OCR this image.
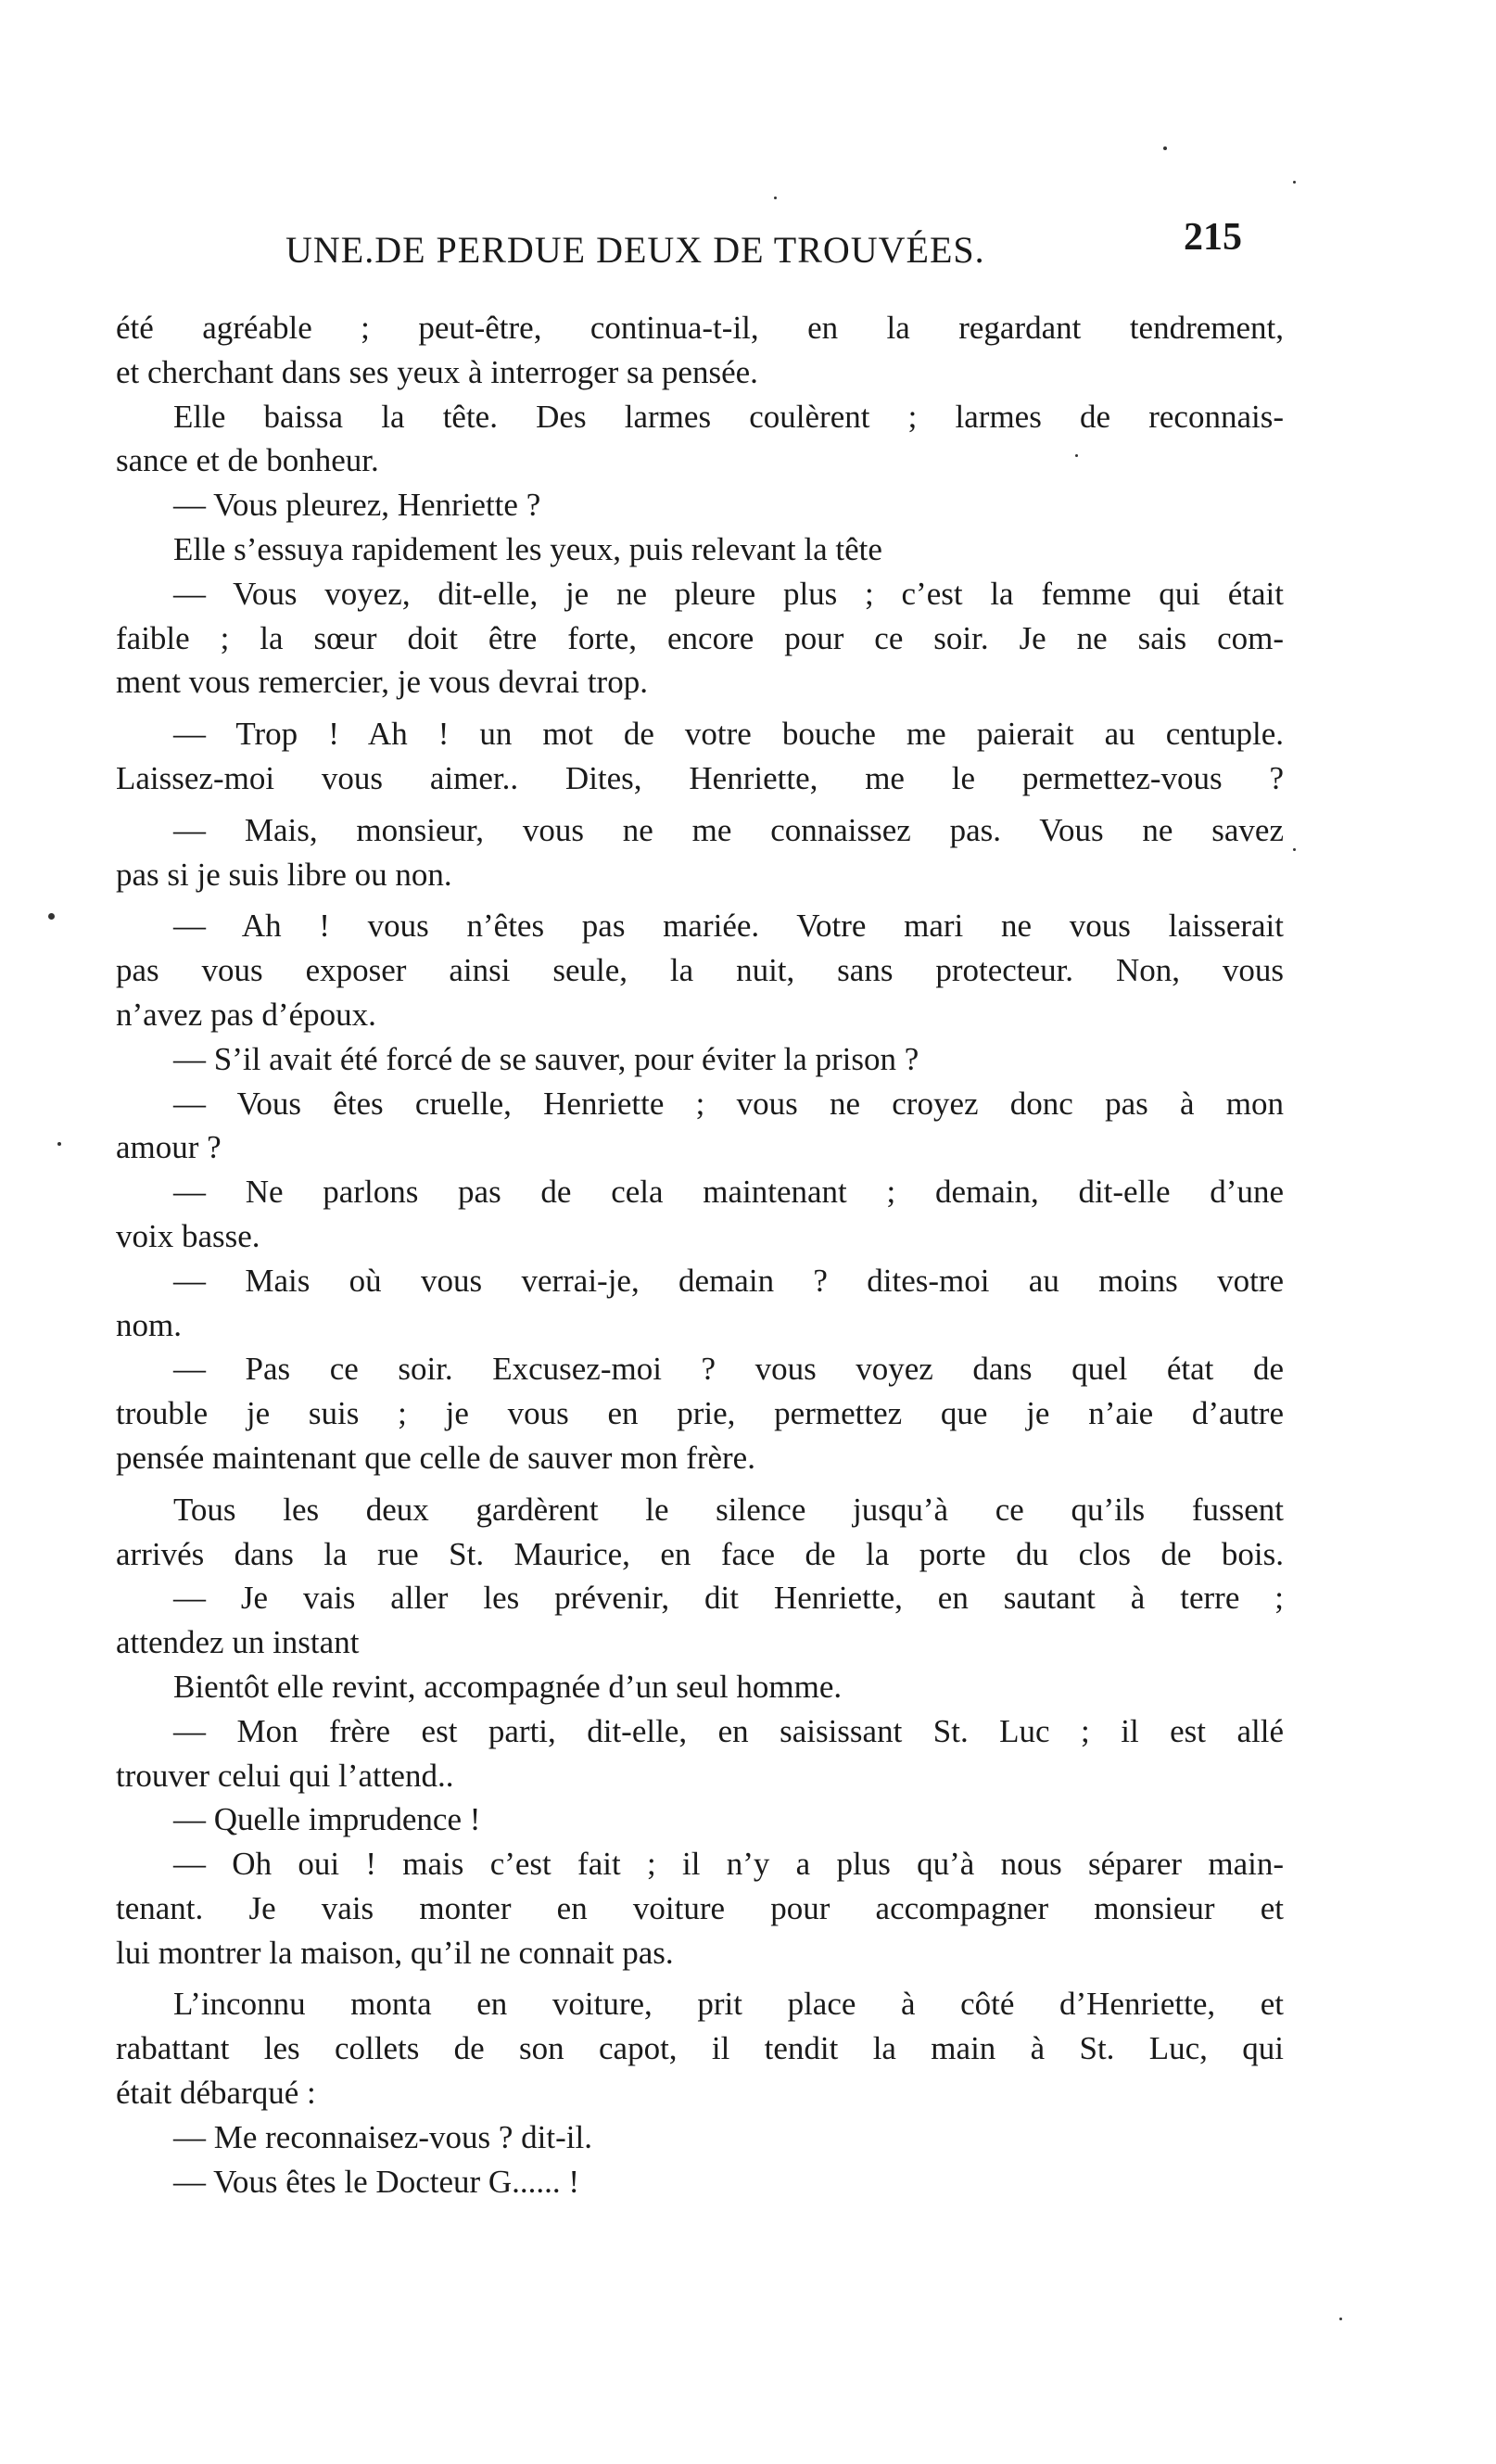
UNE.DE PERDUE DEUX DE TROUVÉES.	215
été agréable ; peut-être, continua-t-il, en la regardant tendrement,
et cherchant dans ses yeux à interroger sa pensée.
Elle baissa la tête. Des larmes coulèrent ; larmes de reconnais-
sance et de bonheur.
— Vous pleurez, Henriette ?
Elle s’essuya rapidement les yeux, puis relevant la tête
— Vous voyez, dit-elle, je ne pleure plus ; c’est la femme qui était
faible ; la sœur doit être forte, encore pour ce soir. Je ne sais com-
ment vous remercier, je vous devrai trop.
— Trop ! Ah ! un mot de votre bouche me paierait au centuple.
Laissez-moi vous aimer.. Dites, Henriette, me le permettez-vous ?
— Mais, monsieur, vous ne me connaissez pas. Vous ne savez
pas si je suis libre ou non.
— Ah ! vous n’êtes pas mariée. Votre mari ne vous laisserait
pas vous exposer ainsi seule, la nuit, sans protecteur. Non, vous
n’avez pas d’époux.
— S’il avait été forcé de se sauver, pour éviter la prison ?
— Vous êtes cruelle, Henriette ; vous ne croyez donc pas à mon
amour ?
— Ne parlons pas de cela maintenant ; demain, dit-elle d’une
voix basse.
— Mais où vous verrai-je, demain ? dites-moi au moins votre
nom.
— Pas ce soir. Excusez-moi ? vous voyez dans quel état de
trouble je suis ; je vous en prie, permettez que je n’aie d’autre
pensée maintenant que celle de sauver mon frère.
Tous les deux gardèrent le silence jusqu’à ce qu’ils fussent
arrivés dans la rue St. Maurice, en face de la porte du clos de bois.
— Je vais aller les prévenir, dit Henriette, en sautant à terre ;
attendez un instant
Bientôt elle revint, accompagnée d’un seul homme.
— Mon frère est parti, dit-elle, en saisissant St. Luc ; il est allé
trouver celui qui l’attend..
— Quelle imprudence !
— Oh oui ! mais c’est fait ; il n’y a plus qu’à nous séparer main-
tenant. Je vais monter en voiture pour accompagner monsieur et
lui montrer la maison, qu’il ne connait pas.
L’inconnu monta en voiture, prit place à côté d’Henriette, et
rabattant les collets de son capot, il tendit la main à St. Luc, qui
était débarqué :
— Me reconnaisez-vous ? dit-il.
— Vous êtes le Docteur G...... !
